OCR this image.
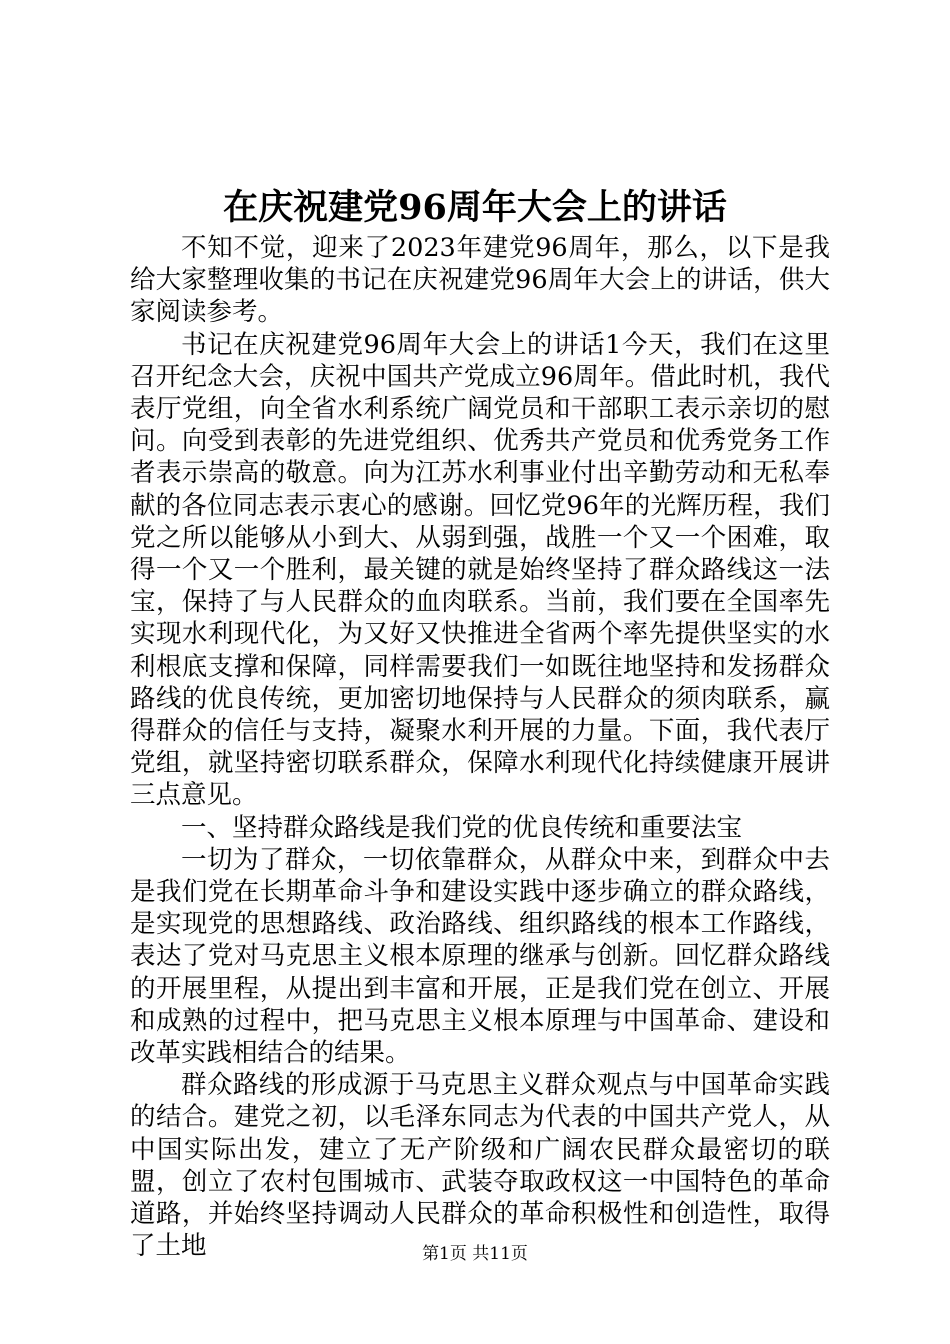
在庆祝建党96周年大会上的讲话

不知不觉，迎来了2023年建党96周年，那么，以下是我给大家整理收集的书记在庆祝建党96周年大会上的讲话，供大家阅读参考。

书记在庆祝建党96周年大会上的讲话1今天，我们在这里召开纪念大会，庆祝中国共产党成立96周年。借此时机，我代表厅党组，向全省水利系统广阔党员和干部职工表示亲切的慰问。向受到表彰的先进党组织、优秀共产党员和优秀党务工作者表示崇高的敬意。向为江苏水利事业付出辛勤劳动和无私奉献的各位同志表示衷心的感谢。回忆党96年的光辉历程，我们党之所以能够从小到大、从弱到强，战胜一个又一个困难，取得一个又一个胜利，最关键的就是始终坚持了群众路线这一法宝，保持了与人民群众的血肉联系。当前，我们要在全国率先实现水利现代化，为又好又快推进全省两个率先提供坚实的水利根底支撑和保障，同样需要我们一如既往地坚持和发扬群众路线的优良传统，更加密切地保持与人民群众的须肉联系，赢得群众的信任与支持，凝聚水利开展的力量。下面，我代表厅党组，就坚持密切联系群众，保障水利现代化持续健康开展讲三点意见。

一、坚持群众路线是我们党的优良传统和重要法宝

一切为了群众，一切依靠群众，从群众中来，到群众中去是我们党在长期革命斗争和建设实践中逐步确立的群众路线，是实现党的思想路线、政治路线、组织路线的根本工作路线，表达了党对马克思主义根本原理的继承与创新。回忆群众路线的开展里程，从提出到丰富和开展，正是我们党在创立、开展和成熟的过程中，把马克思主义根本原理与中国革命、建设和改革实践相结合的结果。

群众路线的形成源于马克思主义群众观点与中国革命实践的结合。建党之初，以毛泽东同志为代表的中国共产党人，从中国实际出发，建立了无产阶级和广阔农民群众最密切的联盟，创立了农村包围城市、武装夺取政权这一中国特色的革命道路，并始终坚持调动人民群众的革命积极性和创造性，取得了土地	第1页 共11页
